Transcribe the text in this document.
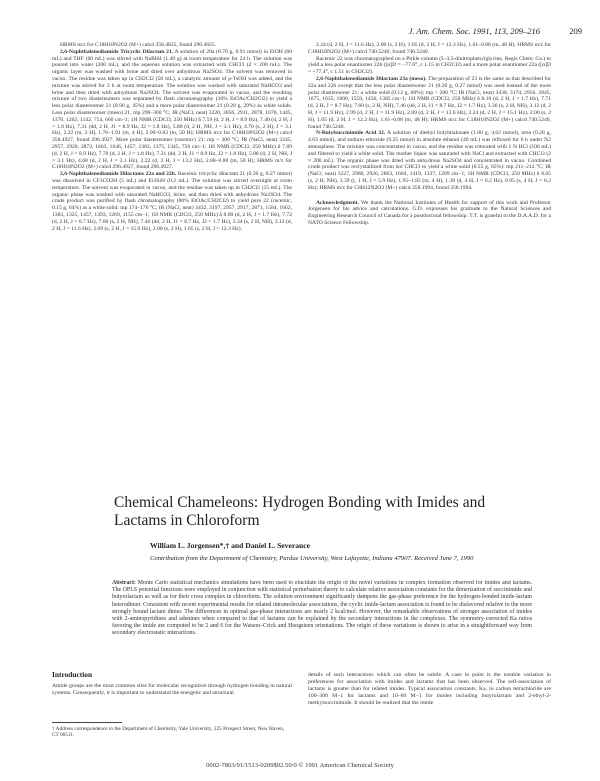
J. Am. Chem. Soc. 1991, 113, 209–216	209

HRMS m/z for C18H18N2O2 (M+) calcd 358.4825, found 296.4825.

2,6-Naphthalenediamide Tricyclic Dilactam 21. A solution of 20a (8.70 g, 0.91 mmol) in EtOH (60 mL) and THF (60 mL) was stirred with NaBH4 (1.40 g) at room temperature for 24 h. The solution was poured into water (200 mL), and the aqueous solution was extracted with CHCl3 (2 × 200 mL). The organic layer was washed with brine and dried over anhydrous Na2SO4. The solvent was removed in vacuo. The residue was taken up in CH2Cl2 (50 mL), a catalytic amount of p-TsOH was added, and the mixture was stirred for 3 h at room temperature. The solution was washed with saturated NaHCO3 and brine and then dried with anhydrous Na2SO4. The solvent was evaporated in vacuo, and the resulting mixture of two diastereomers was separated by flash chromatography (10% EtOAc/CH2Cl2) to yield a less polar diastereomer 21 (0.90 g, 45%) and a more polar diastereomer 21 (0.28 g, 29%) as white solids. Less polar diastereomer (meso) 21: mp 298–300 °C; IR (NaCl, neat) 3220, 3056, 2911, 2878, 1676, 1445, 1370, 1262, 1142, 754, 660 cm−1; 1H NMR (CDCl3, 250 MHz) δ 7.59 (d, 2 H, J = 8.9 Hz), 7.40 (d, 2 H, J = 1.8 Hz), 7.31 (dd, 2 H, J1 = 8.9 Hz, J2 = 1.8 Hz), 5.88 (d, 2 H, NH, J = 3.1 Hz), 4.70 (s, 2 H), J = 3.1 Hz), 2.22 (m, 2 H), 1.76–1.91 (m, 4 H), 2.09–0.83 (m, 50 H); HRMS m/z for C18H18N2O2 (M+) calcd 358.4927, found 296.4927. More polar diastereomer (racemic) 21: mp > 300 °C; IR (NaCl, neat) 3245, 2957, 2920, 2872, 1663, 1646, 1457, 1383, 1375, 1345, 756 cm−1; 1H NMR (CDCl3, 250 MHz) δ 7.89 (d, 2 H, J = 8.9 Hz), 7.70 (d, 2 H, J = 1.8 Hz), 7.31 (dd, 2 H, J1 = 8.9 Hz, J2 = 1.8 Hz), 5.88 (d, 2 H, NH, J = 3.1 Hz), 4.68 (d, 2 H, J = 3.1 Hz), 2.22 (d, 2 H, J = 13.2 Hz), 2.08–0.80 (m, 50 H); HRMS m/z for C18H18N2O2 (M+) calcd 296.4927, found 296.4927.

2,6-Naphthalenediamide Dilactams 22a and 22b. Racemic tricyclic dilactam 21 (0.20 g, 0.27 mmol) was dissolved in CF3CO2H (5 mL) and Et3SiH (0.2 mL). The solution was stirred overnight at room temperature. The solvent was evaporated in vacuo, and the residue was taken up in CH2Cl2 (15 mL). The organic phase was washed with saturated NaHCO3, brine, and then dried with anhydrous Na2SO4. The crude product was purified by flash chromatography (80% EtOAc/CH2Cl2) to yield pure 22 (racemic, 0.15 g, 64%) as a white solid: mp 174–176 °C; IR (NaCl, neat) 3432, 3197, 2957, 2917, 2871, 1584, 1662, 1383, 1325, 1457, 1393, 1269, 1155 cm−1; 1H NMR (CDCl3, 250 MHz) δ 8.00 (d, 2 H, J = 1.7 Hz), 7.72 (d, 2 H, J = 8.7 Hz), 7.60 (s, 2 H, NH), 7.46 (dd, 2 H, J1 = 8.7 Hz, J2 = 1.7 Hz), 3.34 (s, 2 H, NH), 3.12 (d, 2 H, J = 11.6 Hz), 2.09 (s, 2 H, J = 15.9 Hz), 2.00 (s, 2 H), 1.65 (s, 2 H, J = 12.3 Hz).

2.24 (d, 2 H, J = 11.6 Hz), 2.00 (s, 2 H), 1.65 (d, 2 H, J = 12.3 Hz), 1.61–0.88 (m, 48 H); HRMS m/z for C18H18N2O2 (M+) calcd 740.5240, found 740.5240.

Racemic 22 was chromatographed on a Pirkle column (L-3,5-dinitrophenylglycine, Regis Chem. Co.) to yield a less polar enantiomer 22b ([α]D = −77.6°, c 1.15 in CH2Cl2) and a more polar enantiomer 22a ([α]D = +77.4°, c 1.51 in CH2Cl2).

2,6-Naphthalenediamide Dilactam 23a (meso). The preparation of 23 is the same as that described for 22a and 22b except that the less polar diastereomer 21 (0.20 g, 0.27 mmol) was used instead of the more polar diastereomer 21; a white solid (0.12 g, 60%): mp > 200 °C; IR (NaCl, neat) 3438, 3174, 2956, 2845, 1675, 1635, 1600, 1559, 1456, 1385 cm−1; 1H NMR (CDCl3, 250 MHz) δ 8.10 (d, 2 H, J = 1.7 Hz), 7.71 (d, 2 H, J = 8.7 Hz), 7.60 (s, 2 H, NH), 7.46 (dd, 2 H, J1 = 8.7 Hz, J2 = 1.7 Hz), 3.36 (s, 2 H, NH), 3.12 (d, 2 H, J = 11.9 Hz), 2.99 (d, 2 H, J = 11.9 Hz), 2.89 (d, 2 H, J = 13.6 Hz), 2.24 (d, 2 H, J = 15.1 Hz), 2.00 (s, 2 H), 1.65 (d, 2 H, J = 12.2 Hz), 1.61–0.88 (m, 48 H); HRMS m/z for C18H18N2O2 (M+) calcd 740.5240, found 740.5240.

N-Butylsuccinimide Acid 32. A solution of diethyl butylmalonate (1.00 g, 4.62 mmol), urea (0.28 g, 4.63 mmol), and sodium ethoxide (9.25 mmol) in absolute ethanol (40 mL) was refluxed for 6 h under N2 atmosphere. The mixture was concentrated in vacuo, and the residue was triturated with 1 N HCl (100 mL) and filtered to yield a white solid. The mother liquor was saturated with NaCl and extracted with CHCl3 (2 × 200 mL). The organic phase was dried with anhydrous Na2SO4 and concentrated in vacuo. Combined crude product was recrystallized from hot CHCl3 to yield a white solid (0.55 g, 65%): mp 211–212 °C; IR (NaCl, neat) 3227, 2960, 2926, 2863, 1684, 1419, 1337, 1209 cm−1; 1H NMR (CDCl3, 250 MHz) δ 8.05 (s, 2 H, NH), 3.39 (t, 1 H, J = 5.9 Hz), 1.95–1.85 (m, 4 H), 1.38 (d, 4 H, J = 6.2 Hz), 0.95 (s, 4 H, J = 6.2 Hz); HRMS m/z for C8H12N2O3 (M+) calcd 358.1994, found 358.1994.

Acknowledgment. We thank the National Institutes of Health for support of this work and Professor Jorgensen for his advice and calculations. G.D. expresses his gratitude to the Natural Sciences and Engineering Research Council of Canada for a postdoctoral fellowship. T.T. is grateful to the D.A.A.D. for a NATO Science Fellowship.

Chemical Chameleons: Hydrogen Bonding with Imides and Lactams in Chloroform
William L. Jorgensen*,† and Daniel L. Severance
Contribution from the Department of Chemistry, Purdue University, West Lafayette, Indiana 47907. Received June 7, 1990
Abstract: Monte Carlo statistical mechanics simulations have been used to elucidate the origin of the novel variations in complex formation observed for imides and lactams. The OPLS potential functions were employed in conjunction with statistical perturbation theory to calculate relative association constants for the dimerization of succinimide and butyrolactam as well as for their cross complex in chloroform. The solution environment significantly dampens the gas-phase preference for the hydrogen-bonded imide-lactam heterodimer. Consistent with recent experimental results for related intramolecular associations, the cyclic imide-lactam association is found to be disfavored relative to the more strongly bound lactam dimer. The differences in optimal gas-phase interactions are nearly 2 kcal/mol. However, the remarkable observations of stronger association of imides with 2-aminopyridines and adenines when compared to that of lactams can be explained by the secondary interactions in the complexes. The symmetry-corrected Ka ratios favoring the imide are computed to be 2 and 6 for the Watson–Crick and Hoogsteen orientations. The origin of these variations is shown to arise in a straightforward way from secondary electrostatic interactions.
Introduction
Amide groups are the most common sites for molecular recognition through hydrogen bonding in natural systems. Consequently, it is important to understand the energetic and structural
details of such interactions which can often be subtle. A case in point is the notable variation in preferences for association with imides and lactams that has been observed. The self-association of lactams is greater than for related imides. Typical association constants, Ka, in carbon tetrachloride are 100–300 M−1 for lactams and 10–60 M−1 for imides including butyrolactam and 2-ethyl-2-methylsuccinimide. It should be realized that the imide
† Address correspondence to the Department of Chemistry, Yale University, 225 Prospect Street, New Haven, CT 06511.
0002-7863/91/1513-0209$02.50/0 © 1991 American Chemical Society
